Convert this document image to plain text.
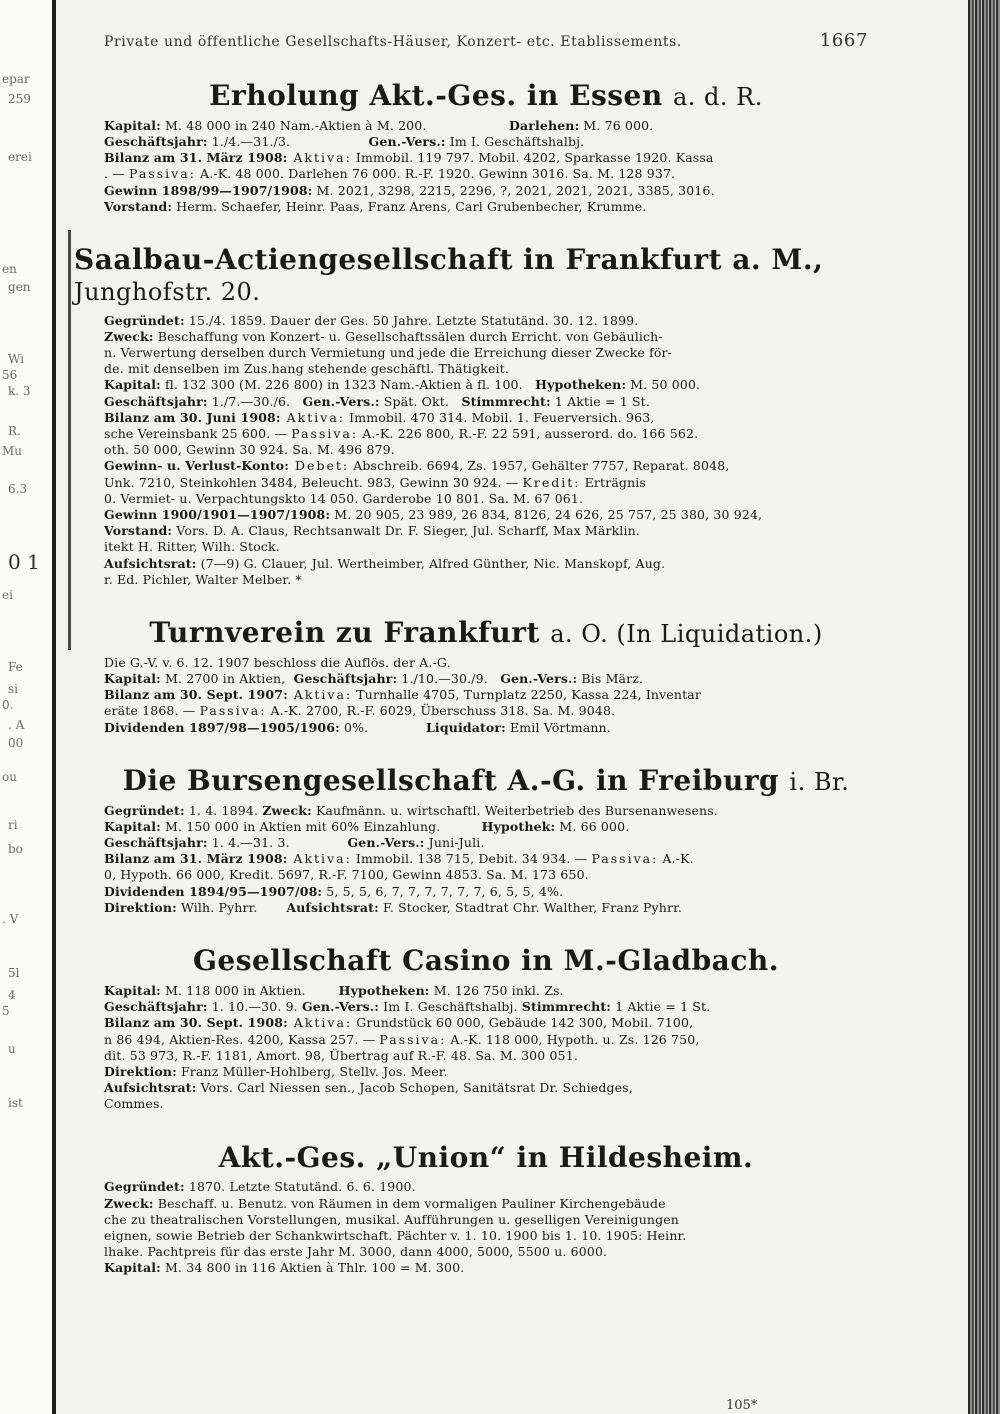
epar
259
erei
en
gen
Wi
56
k. 3
R.
Mu
6.3
0 1
ei
Fe
si
0.
. A
00
ou
ri
bo
. V
5l
4
5
u
ist
Private und öffentliche Gesellschafts-Häuser, Konzert- etc. Etablissements.	1667
Erholung Akt.-Ges. in Essen a. d. R.
Kapital: M. 48 000 in 240 Nam.-Aktien à M. 200.                    Darlehen: M. 76 000.
Geschäftsjahr: 1./4.—31./3.                   Gen.-Vers.: Im I. Geschäftshalbj.
Bilanz am 31. März 1908: Aktiva: Immobil. 119 797. Mobil. 4202, Sparkasse 1920. Kassa
. — Passiva: A.-K. 48 000. Darlehen 76 000. R.-F. 1920. Gewinn 3016. Sa. M. 128 937.
Gewinn 1898/99—1907/1908: M. 2021, 3298, 2215, 2296, ?, 2021, 2021, 2021, 3385, 3016.
Vorstand: Herm. Schaefer, Heinr. Paas, Franz Arens, Carl Grubenbecher, Krumme.
Saalbau-Actiengesellschaft in Frankfurt a. M., Junghofstr. 20.
Gegründet: 15./4. 1859. Dauer der Ges. 50 Jahre. Letzte Statutänd. 30. 12. 1899.
Zweck: Beschaffung von Konzert- u. Gesellschaftssälen durch Erricht. von Gebäulich-
n. Verwertung derselben durch Vermietung und jede die Erreichung dieser Zwecke för-
de. mit denselben im Zus.hang stehende geschäftl. Thätigkeit.
Kapital: fl. 132 300 (M. 226 800) in 1323 Nam.-Aktien à fl. 100.   Hypotheken: M. 50 000.
Geschäftsjahr: 1./7.—30./6.   Gen.-Vers.: Spät. Okt.   Stimmrecht: 1 Aktie = 1 St.
Bilanz am 30. Juni 1908: Aktiva: Immobil. 470 314. Mobil. 1. Feuerversich. 963,
sche Vereinsbank 25 600. — Passiva: A.-K. 226 800, R.-F. 22 591, ausserord. do. 166 562.
oth. 50 000, Gewinn 30 924. Sa. M. 496 879.
Gewinn- u. Verlust-Konto: Debet: Abschreib. 6694, Zs. 1957, Gehälter 7757, Reparat. 8048,
Unk. 7210, Steinkohlen 3484, Beleucht. 983, Gewinn 30 924. — Kredit: Erträgnis
0. Vermiet- u. Verpachtungskto 14 050. Garderobe 10 801. Sa. M. 67 061.
Gewinn 1900/1901—1907/1908: M. 20 905, 23 989, 26 834, 8126, 24 626, 25 757, 25 380, 30 924,
Vorstand: Vors. D. A. Claus, Rechtsanwalt Dr. F. Sieger, Jul. Scharff, Max Märklin.
itekt H. Ritter, Wilh. Stock.
Aufsichtsrat: (7—9) G. Clauer, Jul. Wertheimber, Alfred Günther, Nic. Manskopf, Aug.
r. Ed. Pichler, Walter Melber. *
Turnverein zu Frankfurt a. O. (In Liquidation.)
Die G.-V. v. 6. 12. 1907 beschloss die Auflös. der A.-G.
Kapital: M. 2700 in Aktien,  Geschäftsjahr: 1./10.—30./9.   Gen.-Vers.: Bis März.
Bilanz am 30. Sept. 1907: Aktiva: Turnhalle 4705, Turnplatz 2250, Kassa 224, Inventar
eräte 1868. — Passiva: A.-K. 2700, R.-F. 6029, Überschuss 318. Sa. M. 9048.
Dividenden 1897/98—1905/1906: 0%.              Liquidator: Emil Vörtmann.
Die Bursengesellschaft A.-G. in Freiburg i. Br.
Gegründet: 1. 4. 1894. Zweck: Kaufmänn. u. wirtschaftl. Weiterbetrieb des Bursenanwesens.
Kapital: M. 150 000 in Aktien mit 60% Einzahlung.          Hypothek: M. 66 000.
Geschäftsjahr: 1. 4.—31. 3.              Gen.-Vers.: Juni-Juli.
Bilanz am 31. März 1908: Aktiva: Immobil. 138 715, Debit. 34 934. — Passiva: A.-K.
0, Hypoth. 66 000, Kredit. 5697, R.-F. 7100, Gewinn 4853. Sa. M. 173 650.
Dividenden 1894/95—1907/08: 5, 5, 5, 6, 7, 7, 7, 7, 7, 7, 6, 5, 5, 4%.
Direktion: Wilh. Pyhrr.       Aufsichtsrat: F. Stocker, Stadtrat Chr. Walther, Franz Pyhrr.
Gesellschaft Casino in M.-Gladbach.
Kapital: M. 118 000 in Aktien.        Hypotheken: M. 126 750 inkl. Zs.
Geschäftsjahr: 1. 10.—30. 9. Gen.-Vers.: Im I. Geschäftshalbj. Stimmrecht: 1 Aktie = 1 St.
Bilanz am 30. Sept. 1908: Aktiva: Grundstück 60 000, Gebäude 142 300, Mobil. 7100,
n 86 494, Aktien-Res. 4200, Kassa 257. — Passiva: A.-K. 118 000, Hypoth. u. Zs. 126 750,
dit. 53 973, R.-F. 1181, Amort. 98, Übertrag auf R.-F. 48. Sa. M. 300 051.
Direktion: Franz Müller-Hohlberg, Stellv. Jos. Meer.
Aufsichtsrat: Vors. Carl Niessen sen., Jacob Schopen, Sanitätsrat Dr. Schiedges,
Commes.
Akt.-Ges. „Union“ in Hildesheim.
Gegründet: 1870. Letzte Statutänd. 6. 6. 1900.
Zweck: Beschaff. u. Benutz. von Räumen in dem vormaligen Pauliner Kirchengebäude
che zu theatralischen Vorstellungen, musikal. Aufführungen u. geselligen Vereinigungen
eignen, sowie Betrieb der Schankwirtschaft. Pächter v. 1. 10. 1900 bis 1. 10. 1905: Heinr.
lhake. Pachtpreis für das erste Jahr M. 3000, dann 4000, 5000, 5500 u. 6000.
Kapital: M. 34 800 in 116 Aktien à Thlr. 100 = M. 300.
105*
